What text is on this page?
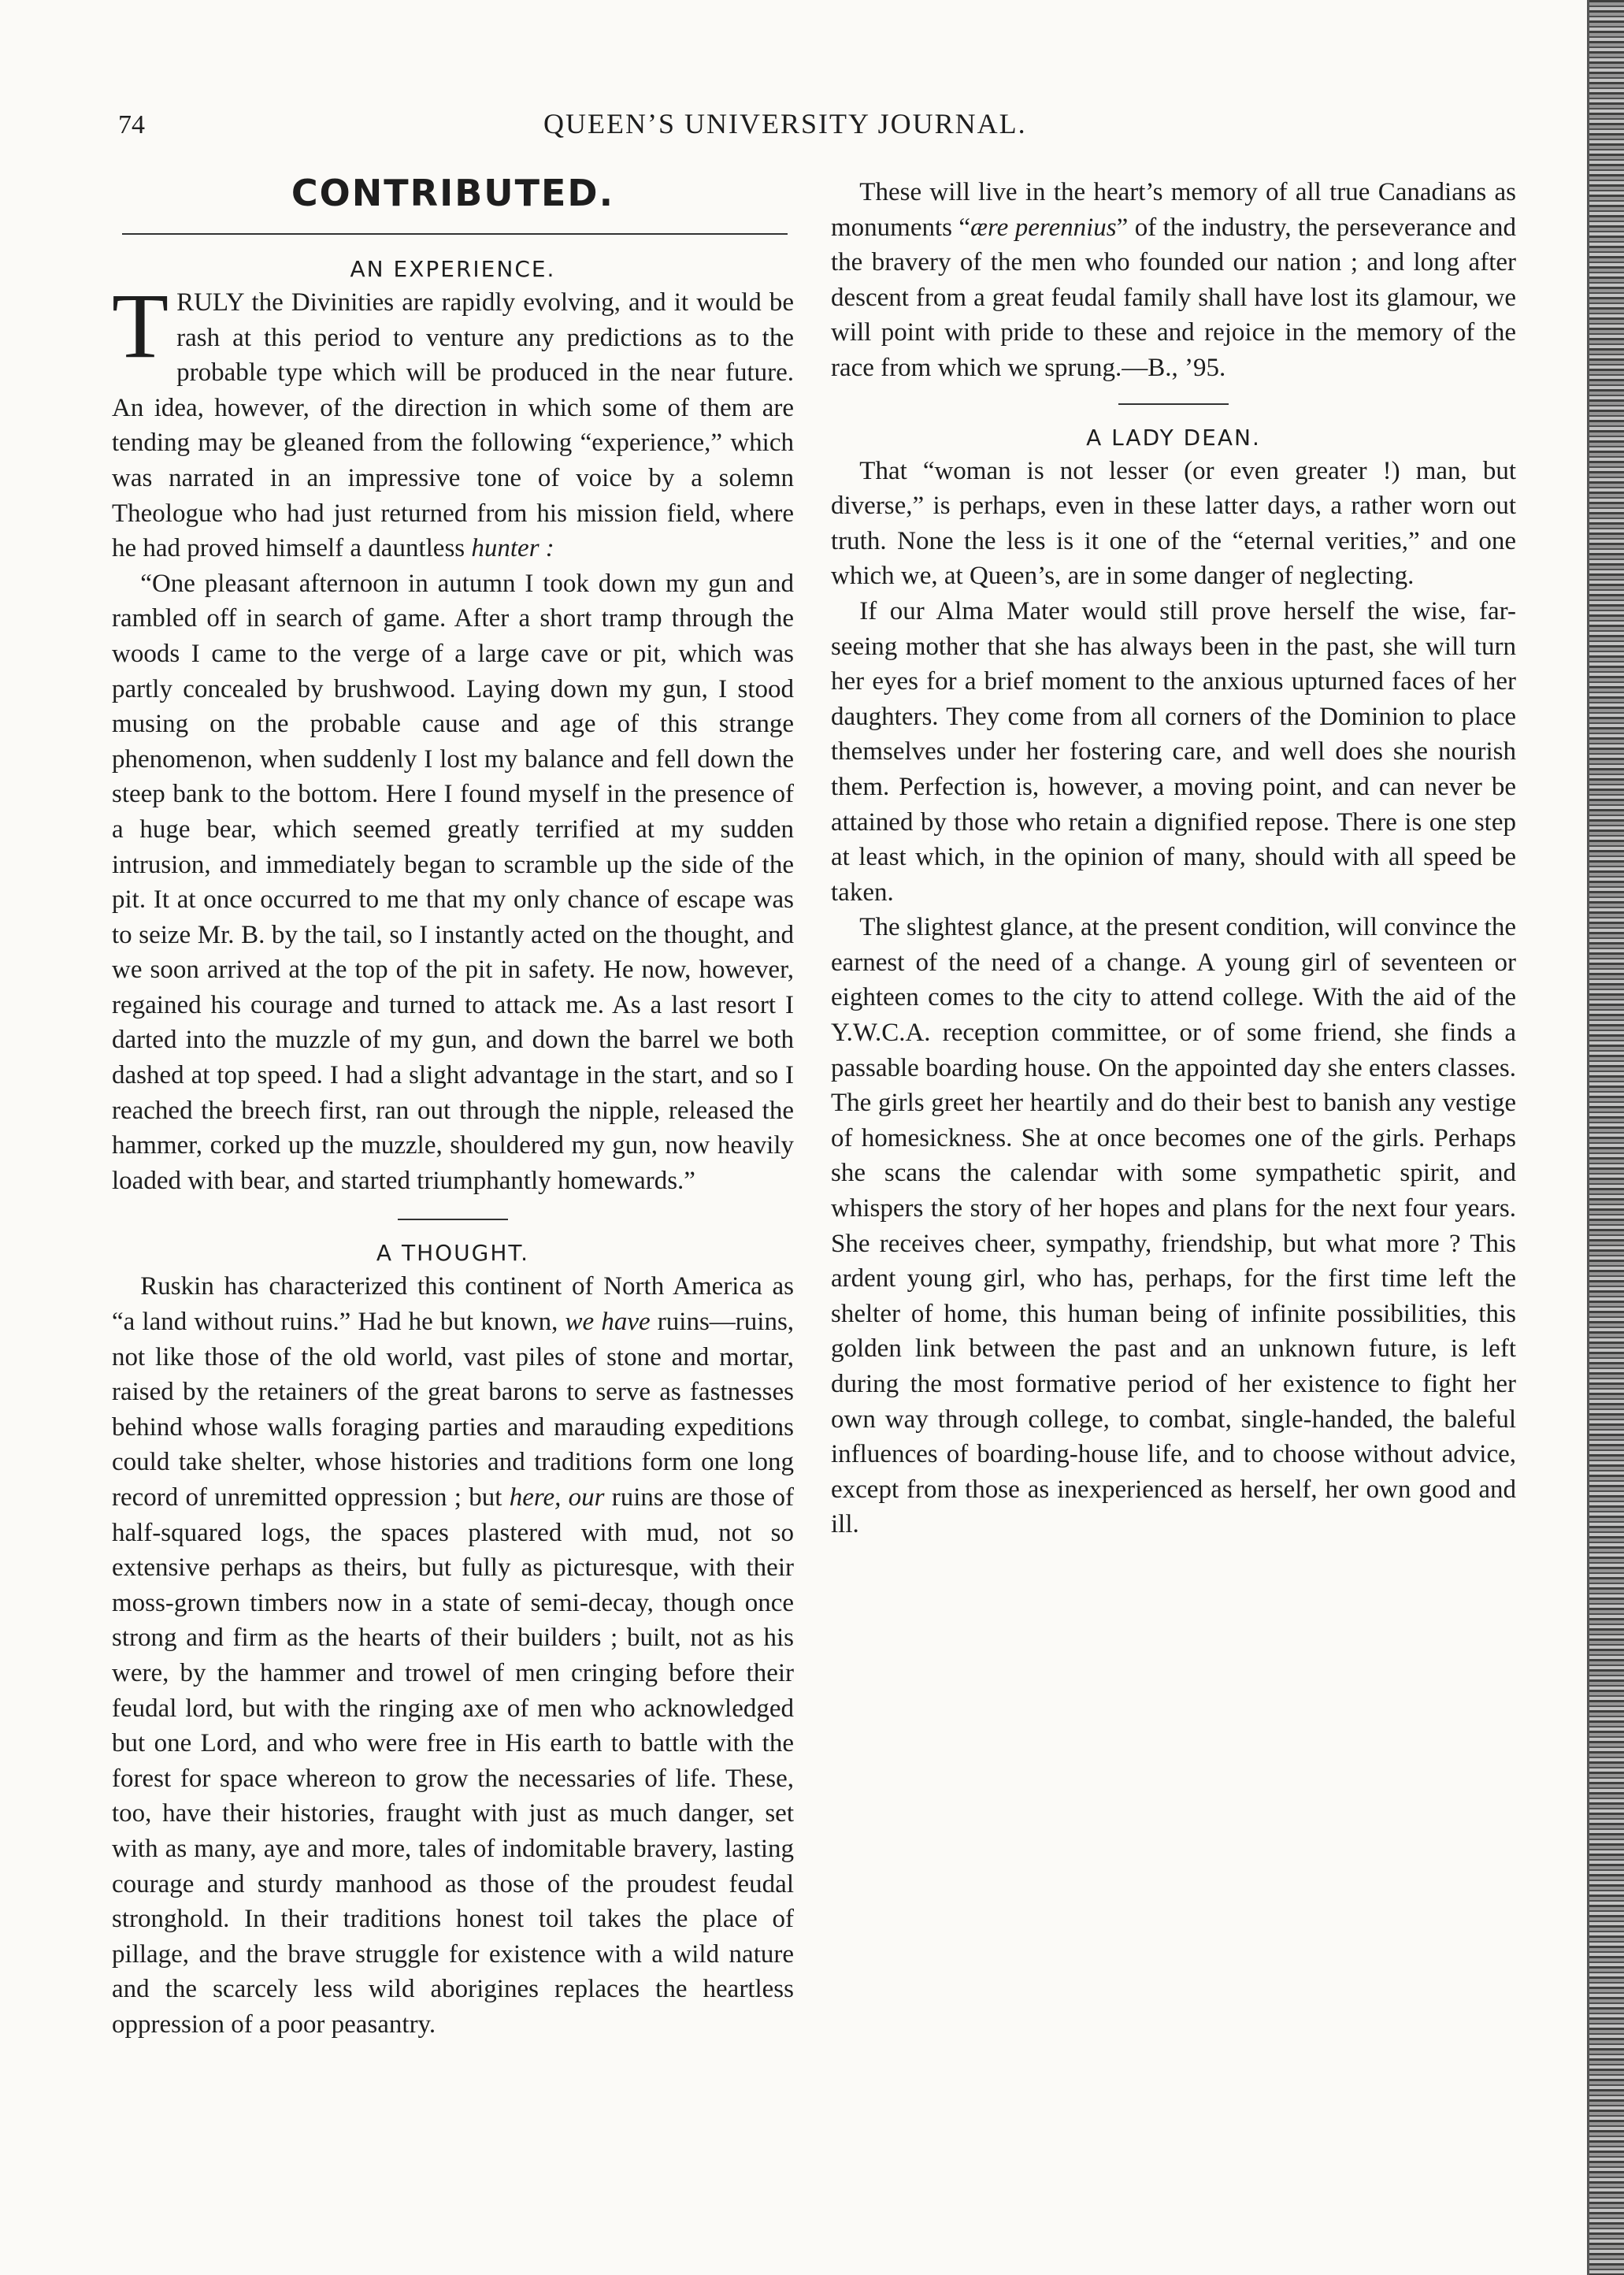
74	QUEEN’S UNIVERSITY JOURNAL.
CONTRIBUTED.
AN EXPERIENCE.

TRULY the Divinities are rapidly evolving, and it would be rash at this period to venture any predictions as to the probable type which will be produced in the near future. An idea, however, of the direction in which some of them are tending may be gleaned from the following “experience,” which was narrated in an impressive tone of voice by a solemn Theologue who had just returned from his mission field, where he had proved himself a dauntless hunter :

“One pleasant afternoon in autumn I took down my gun and rambled off in search of game. After a short tramp through the woods I came to the verge of a large cave or pit, which was partly concealed by brushwood. Laying down my gun, I stood musing on the probable cause and age of this strange phenomenon, when suddenly I lost my balance and fell down the steep bank to the bottom. Here I found myself in the presence of a huge bear, which seemed greatly terrified at my sudden intrusion, and immediately began to scramble up the side of the pit. It at once occurred to me that my only chance of escape was to seize Mr. B. by the tail, so I instantly acted on the thought, and we soon arrived at the top of the pit in safety. He now, however, regained his courage and turned to attack me. As a last resort I darted into the muzzle of my gun, and down the barrel we both dashed at top speed. I had a slight advantage in the start, and so I reached the breech first, ran out through the nipple, released the hammer, corked up the muzzle, shouldered my gun, now heavily loaded with bear, and started triumphantly homewards.”

A THOUGHT.

Ruskin has characterized this continent of North America as “a land without ruins.” Had he but known, we have ruins—ruins, not like those of the old world, vast piles of stone and mortar, raised by the retainers of the great barons to serve as fastnesses behind whose walls foraging parties and marauding expeditions could take shelter, whose histories and traditions form one long record of unremitted oppression ; but here, our ruins are those of half-squared logs, the spaces plastered with mud, not so extensive perhaps as theirs, but fully as picturesque, with their moss-grown timbers now in a state of semi-decay, though once strong and firm as the hearts of their builders ; built, not as his were, by the hammer and trowel of men cringing before their feudal lord, but with the ringing axe of men who acknowledged but one Lord, and who were free in His earth to battle with the forest for space whereon to grow the necessaries of life. These, too, have their histories, fraught with just as much danger, set with as many, aye and more, tales of indomitable bravery, lasting courage and sturdy manhood as those of the proudest feudal stronghold. In their traditions honest toil takes the place of pillage, and the brave struggle for existence with a wild nature and the scarcely less wild aborigines replaces the heartless oppression of a poor peasantry.

These will live in the heart’s memory of all true Canadians as monuments “ære perennius” of the industry, the perseverance and the bravery of the men who founded our nation ; and long after descent from a great feudal family shall have lost its glamour, we will point with pride to these and rejoice in the memory of the race from which we sprung.—B., ’95.

A LADY DEAN.

That “woman is not lesser (or even greater !) man, but diverse,” is perhaps, even in these latter days, a rather worn out truth. None the less is it one of the “eternal verities,” and one which we, at Queen’s, are in some danger of neglecting.

If our Alma Mater would still prove herself the wise, far-seeing mother that she has always been in the past, she will turn her eyes for a brief moment to the anxious upturned faces of her daughters. They come from all corners of the Dominion to place themselves under her fostering care, and well does she nourish them. Perfection is, however, a moving point, and can never be attained by those who retain a dignified repose. There is one step at least which, in the opinion of many, should with all speed be taken.

The slightest glance, at the present condition, will convince the earnest of the need of a change. A young girl of seventeen or eighteen comes to the city to attend college. With the aid of the Y.W.C.A. reception committee, or of some friend, she finds a passable boarding house. On the appointed day she enters classes. The girls greet her heartily and do their best to banish any vestige of homesickness. She at once becomes one of the girls. Perhaps she scans the calendar with some sympathetic spirit, and whispers the story of her hopes and plans for the next four years. She receives cheer, sympathy, friendship, but what more ? This ardent young girl, who has, perhaps, for the first time left the shelter of home, this human being of infinite possibilities, this golden link between the past and an unknown future, is left during the most formative period of her existence to fight her own way through college, to combat, single-handed, the baleful influences of boarding-house life, and to choose without advice, except from those as inexperienced as herself, her own good and ill.
